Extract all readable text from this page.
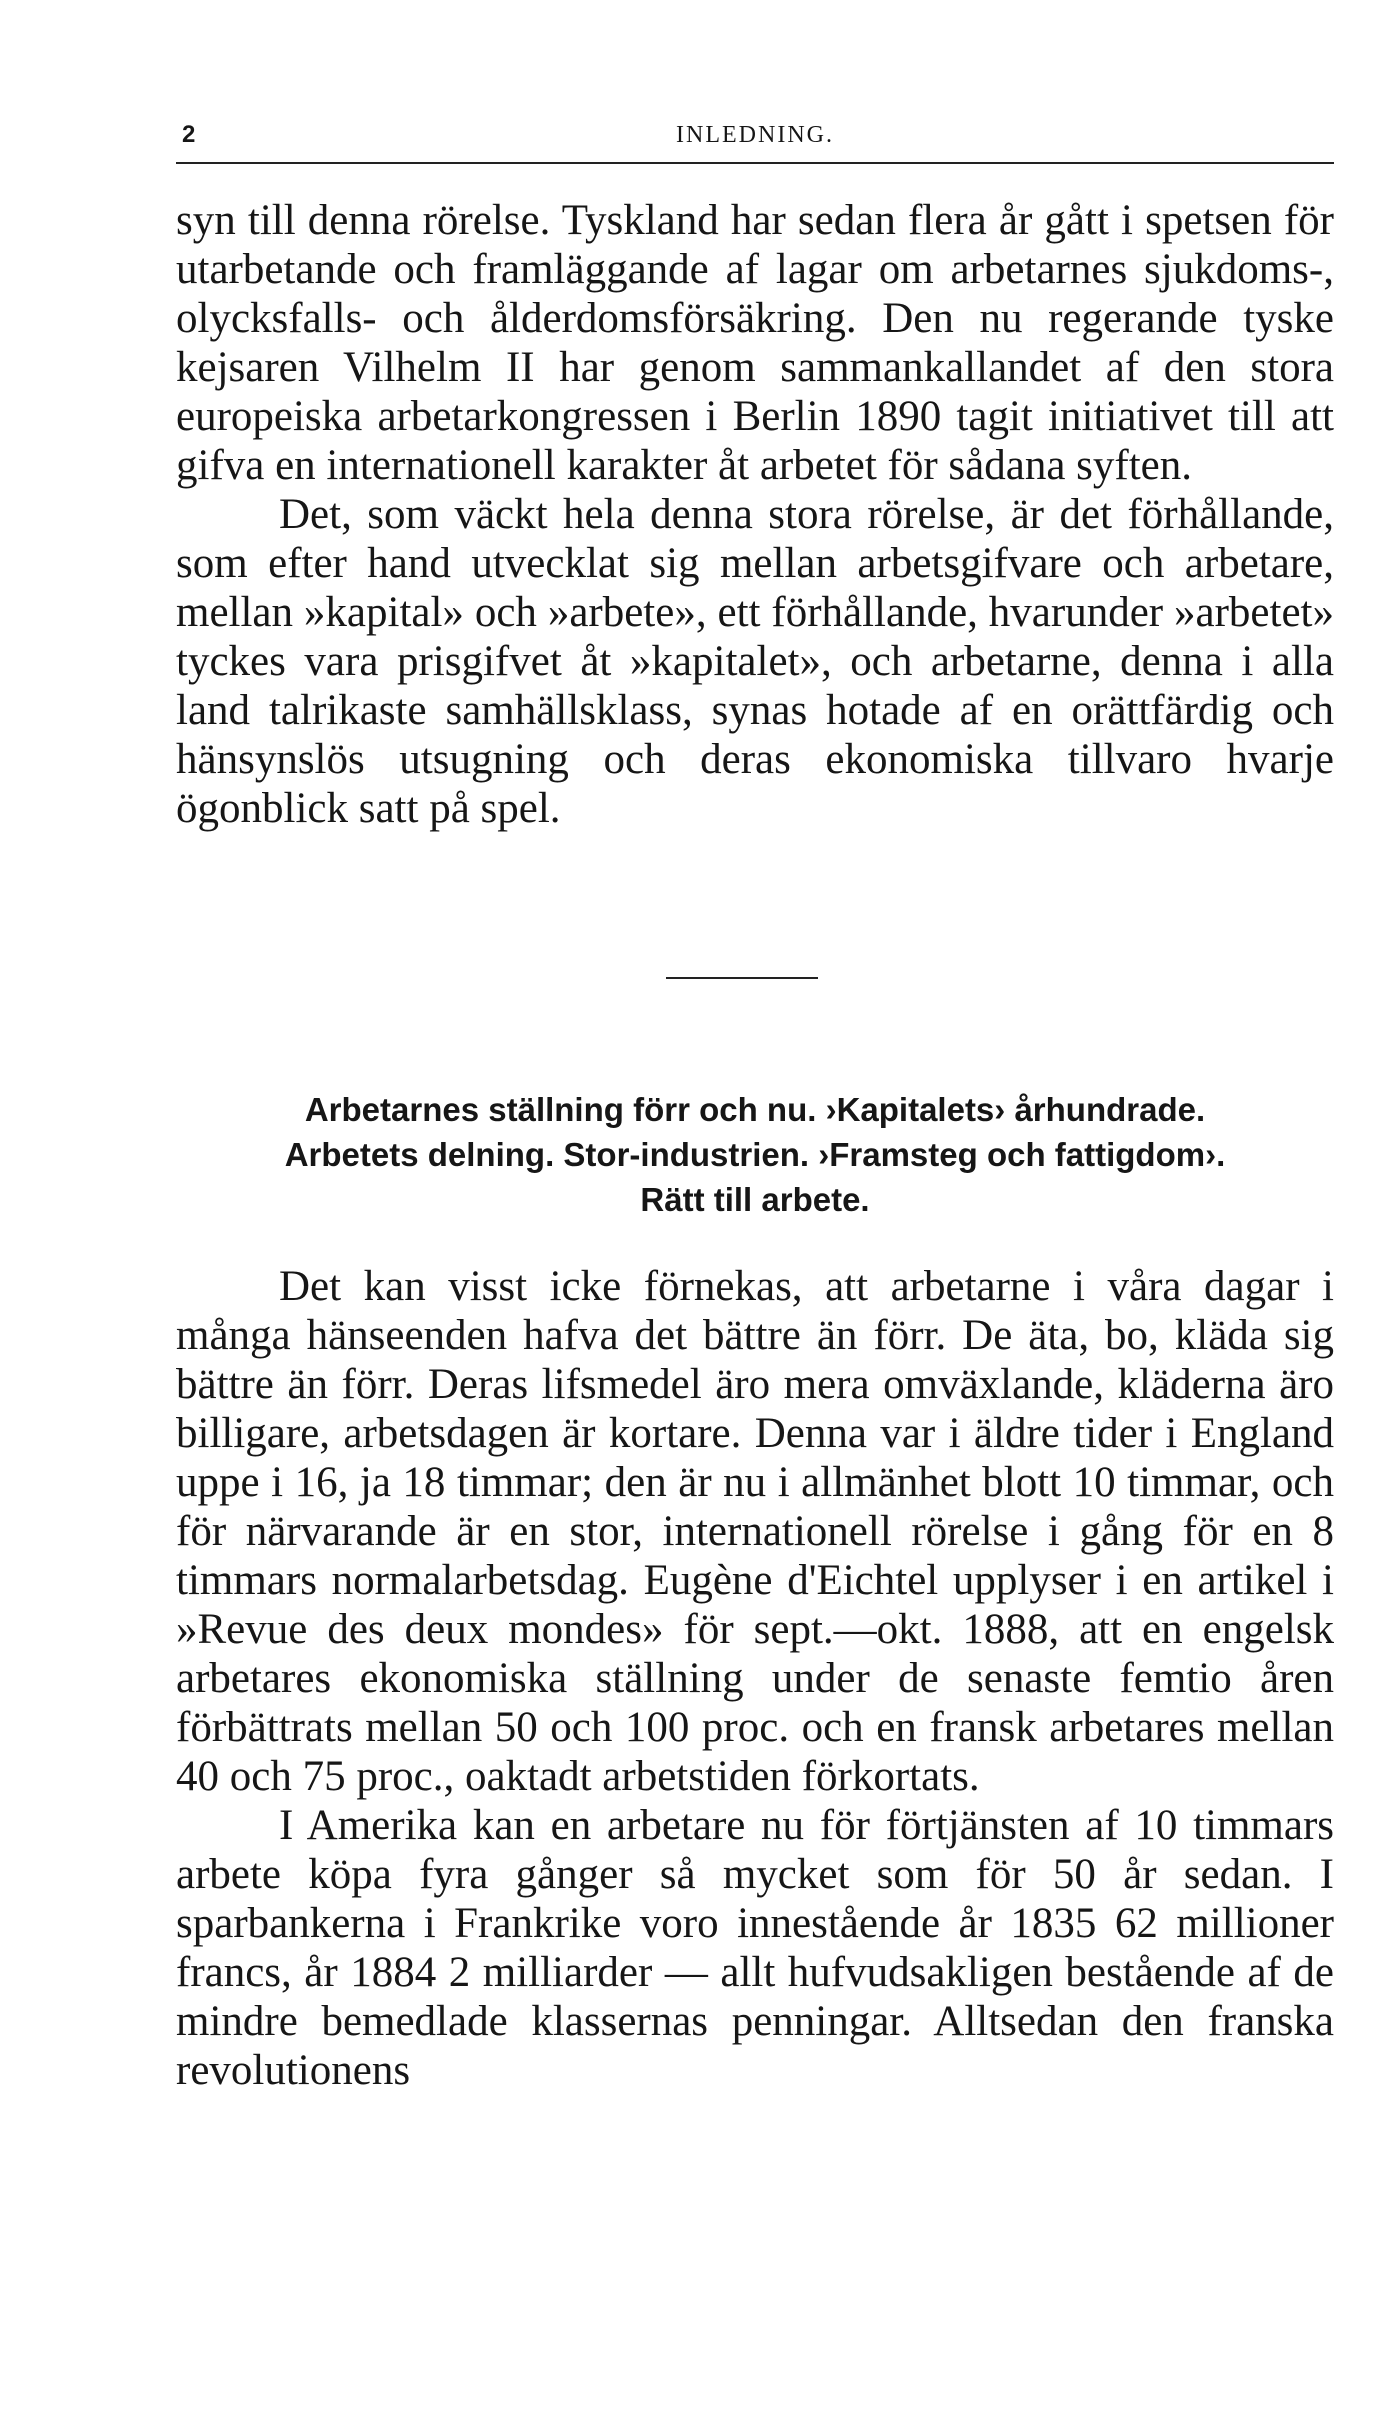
2	INLEDNING.

syn till denna rörelse. Tyskland har sedan flera år gått i spetsen för utarbetande och framläggande af lagar om arbetarnes sjukdoms-, olycksfalls- och ålderdomsförsäkring. Den nu regerande tyske kejsaren Vilhelm II har genom sammankallandet af den stora europeiska arbetarkongressen i Berlin 1890 tagit initiativet till att gifva en internationell karakter åt arbetet för sådana syften.

Det, som väckt hela denna stora rörelse, är det förhållande, som efter hand utvecklat sig mellan arbetsgifvare och arbetare, mellan »kapital» och »arbete», ett förhållande, hvarunder »arbetet» tyckes vara prisgifvet åt »kapitalet», och arbetarne, denna i alla land talrikaste samhällsklass, synas hotade af en orättfärdig och hänsynslös utsugning och deras ekonomiska tillvaro hvarje ögonblick satt på spel.

Arbetarnes ställning förr och nu. ›Kapitalets› århundrade.
Arbetets delning. Stor-industrien. ›Framsteg och fattigdom›.
Rätt till arbete.

Det kan visst icke förnekas, att arbetarne i våra dagar i många hänseenden hafva det bättre än förr. De äta, bo, kläda sig bättre än förr. Deras lifsmedel äro mera omväxlande, kläderna äro billigare, arbetsdagen är kortare. Denna var i äldre tider i England uppe i 16, ja 18 timmar; den är nu i allmänhet blott 10 timmar, och för närvarande är en stor, internationell rörelse i gång för en 8 timmars normalarbetsdag. Eugène d'Eichtel upplyser i en artikel i »Revue des deux mondes» för sept.—okt. 1888, att en engelsk arbetares ekonomiska ställning under de senaste femtio åren förbättrats mellan 50 och 100 proc. och en fransk arbetares mellan 40 och 75 proc., oaktadt arbetstiden förkortats.

I Amerika kan en arbetare nu för förtjänsten af 10 timmars arbete köpa fyra gånger så mycket som för 50 år sedan. I sparbankerna i Frankrike voro innestående år 1835 62 millioner francs, år 1884 2 milliarder — allt hufvudsakligen bestående af de mindre bemedlade klassernas penningar. Alltsedan den franska revolutionens
